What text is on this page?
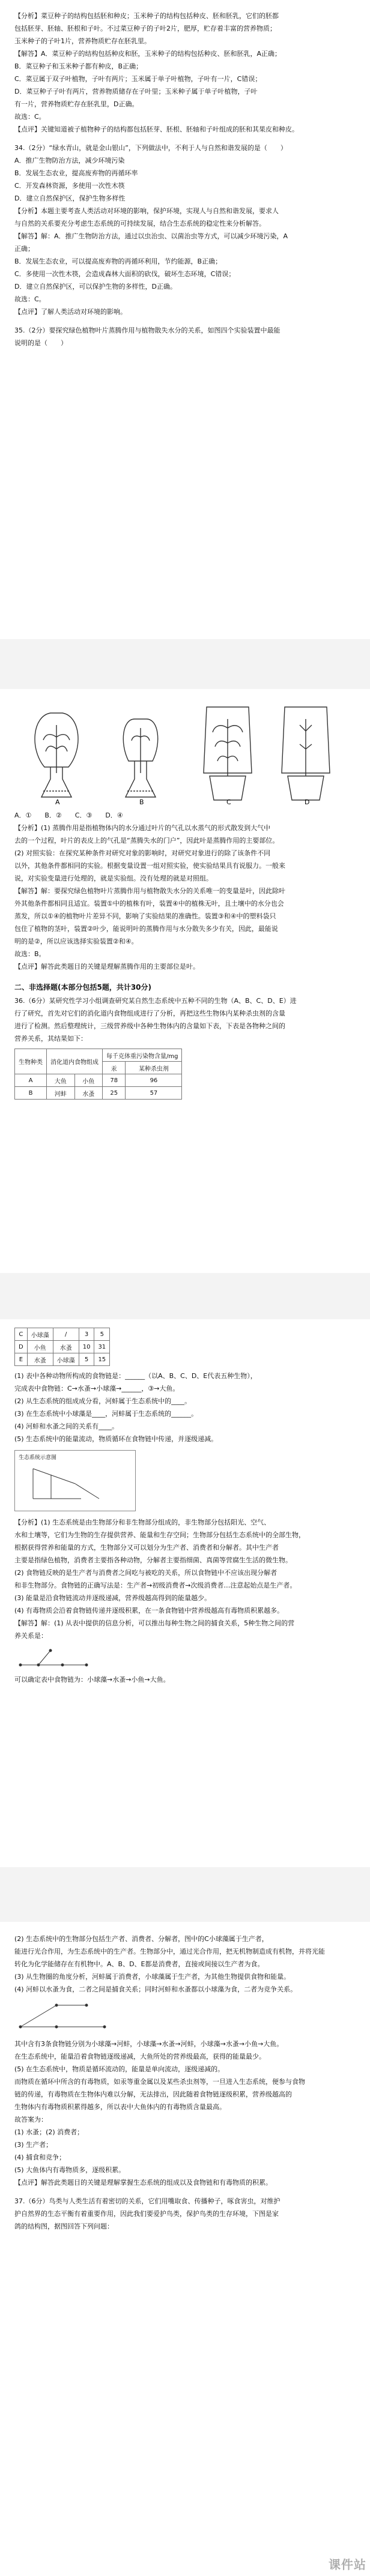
【分析】菜豆种子的结构包括胚和种皮；玉米种子的结构包括种皮、胚和胚乳，它们的胚都
包括胚芽、胚轴、胚根和子叶。不过菜豆种子的子叶2片，肥厚，贮存着丰富的营养物质；
玉米种子的子叶1片，营养物质贮存在胚乳里。
【解答】A．菜豆种子的结构包括种皮和胚，玉米种子的结构包括种皮、胚和胚乳，A正确；
B．菜豆种子和玉米种子都有种皮，B正确；
C．菜豆属于双子叶植物，子叶有两片；玉米属于单子叶植物，子叶有一片，C错误；
D．菜豆种子子叶有两片，营养物质储存在子叶里；玉米种子属于单子叶植物，子叶
有一片，营养物质贮存在胚乳里，D正确。
故选：C。
【点评】关键知道被子植物种子的结构都包括胚芽、胚根、胚轴和子叶组成的胚和其果皮和种皮。
34.（2分）“绿水青山，就是金山银山”，下列做法中，不利于人与自然和谐发展的是（　　）
A．推广生物防治方法，减少环境污染
B．发展生态农业，提高废弃物的再循环率
C．开发森林资源，多使用一次性木筷
D．建立自然保护区，保护生物多样性
【分析】本题主要考查人类活动对环境的影响，保护环境，实现人与自然和谐发展，要求人
与自然的关系要充分考虑生态系统的可持续发展，结合生态系统的稳定性来分析解答。
【解答】解：A．推广生物防治方法，通过以虫治虫、以菌治虫等方式，可以减少环境污染，A
正确；
B．发展生态农业，可以提高废弃物的再循环利用，节约能源，B正确；
C．多使用一次性木筷，会造成森林大面积的砍伐，破坏生态环境，C错误；
D．建立自然保护区，可以保护生物的多样性，D正确。
故选：C。
【点评】了解人类活动对环境的影响。
35.（2分）要探究绿色植物叶片蒸腾作用与植物散失水分的关系，如图四个实验装置中最能
说明的是（　　）
A	B	C	D
A．①　　B．②　　C．③　　D．④
【分析】(1) 蒸腾作用是指植物体内的水分通过叶片的气孔以水蒸气的形式散发到大气中
去的一个过程，叶片的表皮上的气孔是“蒸腾失水的门户”，因此叶是蒸腾作用的主要部位。
(2) 对照实验：在探究某种条件对研究对象的影响时，对研究对象进行的除了该条件不同
以外，其他条件都相同的实验。根据变量设置一组对照实验，使实验结果具有说服力。一般来
说，对实验变量进行处理的，就是实验组。没有处理的就是对照组。
【解答】解：要探究绿色植物叶片蒸腾作用与植物散失水分的关系唯一的变量是叶，因此除叶
外其他条件都相同且适宜。装置①中的植株有叶，装置④中的植株无叶，且土壤中的水分也会
蒸发，所以①④的植物叶片差异不同，影响了实验结果的准确性。装置③和④中的塑料袋只
包住了植物的茎叶，装置②叶少，能说明叶的蒸腾作用与水分散失多少有关，因此，最能说
明的是②，所以应该选择实验装置②和④。
故选：B。
【点评】解答此类题目的关键是理解蒸腾作用的主要部位是叶。
二、非选择题(本部分包括5题，共计30分)
36.（6分）某研究性学习小组调查研究某自然生态系统中五种不同的生物（A、B、C、D、E）进
行了研究，首先对它们的消化道内食物组成进行了分析，再把这些生物体内某种杀虫剂的含量
进行了检测。然后整理统计，三级营养级中各种生物体内的含量如下表，下表是各物种之间的
营养关系，其结果如下：
生物种类	消化道内食物组成		每千克体重污染物含量/mg	
			汞	某种杀虫剂
A	大鱼	小鱼	78	96
B	河蚌	水蚤	25	57
C	小球藻	/	3	5
D	小鱼	水蚤	10	31
E	水蚤	小球藻	5	15
(1) 表中各种动物所构成的食物链是：______（以A、B、C、D、E代表五种生物），
完成表中食物链：C→水蚤→小球藻→______，③→大鱼。
(2) 从生态系统的组成成分看，河蚌属于生态系统中的____。
(3) 在生态系统中小球藻是____，河蚌属于生态系统的______。
(4) 河蚌和水蚤之间的关系有____。
(5) 生态系统中的能量流动，物质循环在食物链中传递，并逐级递减。
生态系统示意图
【分析】(1) 生态系统是由生物部分和非生物部分组成的，非生物部分包括阳光、空气、
水和土壤等，它们为生物的生存提供营养、能量和生存空间；生物部分包括生态系统中的全部生物，
根据获得营养和能量的方式，生物部分又可以划分为生产者、消费者和分解者。其中生产者
主要是指绿色植物，消费者主要指各种动物，分解者主要指细菌、真菌等营腐生生活的微生物。
(2) 食物链反映的是生产者与消费者之间吃与被吃的关系，所以食物链中不应该出现分解者
和非生物部分。食物链的正确写法是：生产者→初级消费者→次级消费者…注意起始点是生产者。
(3) 能量是沿食物链流动并逐级递减，营养级越高得到的能量越少。
(4) 有毒物质会沿着食物链传递并逐级积累，在一条食物链中营养级越高有毒物质积累越多。
【解答】解：(1) 从表中提供的信息分析，可以推出每种生物之间的捕食关系，5种生物之间的营
养关系是：
可以确定表中食物链为：小球藻→水蚤→小鱼→大鱼。
(2) 生态系统中的生物部分包括生产者、消费者、分解者，图中的C小球藻属于生产者，
能进行光合作用，为生态系统中的生产者。生物部分中，通过光合作用，把无机物制造成有机物，并将光能
转化为化学能储存在有机物中。A、B、D、E都是消费者，直接或间接以生产者为食。
(3) 从生物圈的角度分析，河蚌属于消费者，小球藻属于生产者，为其他生物提供食物和能量。
(4) 河蚌以水蚤为食，二者之间是捕食关系；同时河蚌和水蚤都以小球藻为食，二者为竞争关系。
其中含有3条食物链分别为小球藻→河蚌，小球藻→水蚤→河蚌，小球藻→水蚤→小鱼→大鱼。
在生态系统中，能量沿着食物链逐级递减，大鱼所处的营养级最高，获得的能量最少。
(5) 在生态系统中，物质是循环流动的，能量是单向流动，逐级递减的。
而物质在循环中所含的有毒物质，如汞等重金属以及某些杀虫剂等，一旦进入生态系统，便参与食物
链的传递，有毒物质在生物体内难以分解，无法排出，因此随着食物链逐级积累，营养级越高的
生物体内有毒物质积累得越多，所以表中大鱼体内的有毒物质含量最高。
故答案为：
(1) 水蚤；(2) 消费者；
(3) 生产者；
(4) 捕食和竞争；
(5) 大鱼体内有毒物质多，逐级积累。
【点评】解答此类题目的关键是理解掌握生态系统的组成以及食物链和有毒物质的积累。
37.（6分）鸟类与人类生活有着密切的关系，它们用嘴取食、传播种子，啄食害虫，对维护
护自然界的生态平衡有着重要作用，因此我们要爱护鸟类，保护鸟类的生存环境，下图是家
鸽的结构图，据图回答下列问题：
课件站
